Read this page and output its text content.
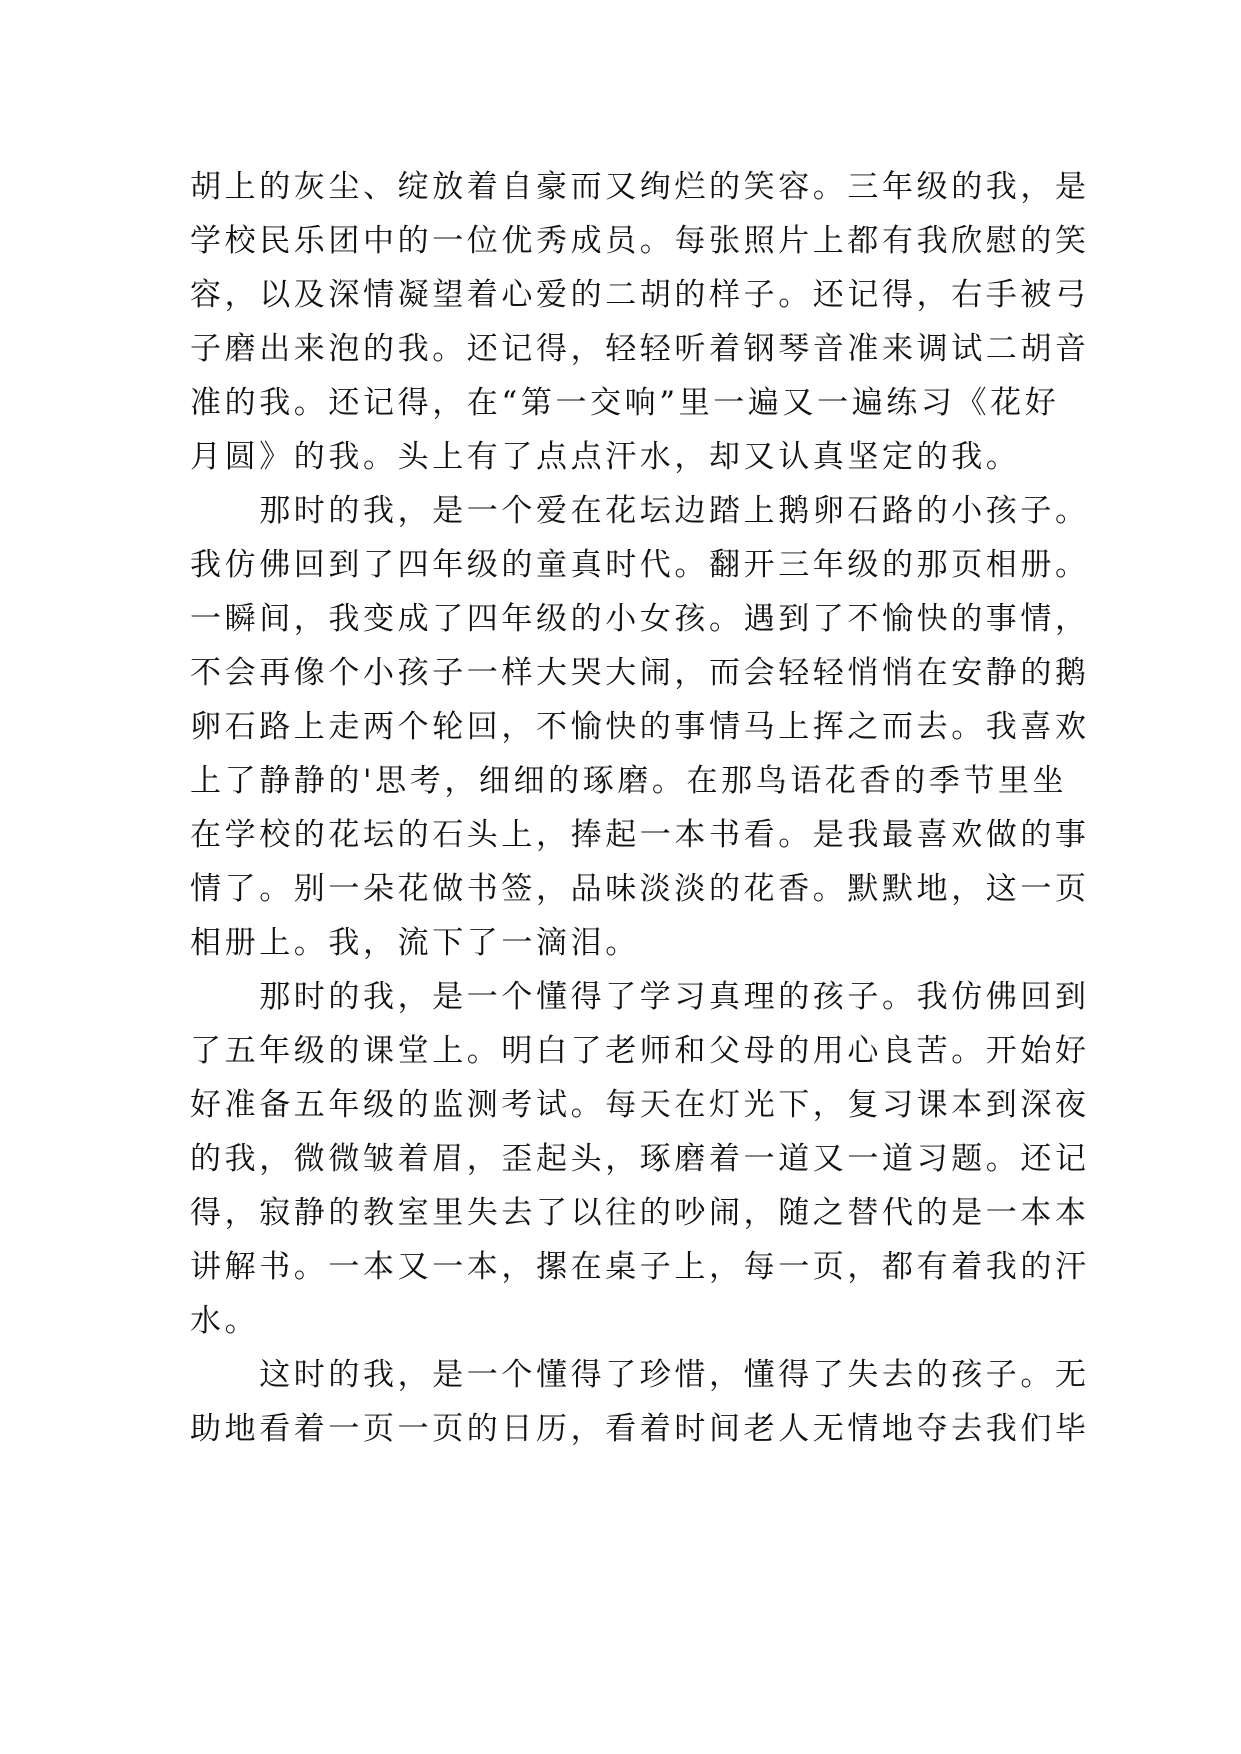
胡上的灰尘、绽放着自豪而又绚烂的笑容。三年级的我，是
学校民乐团中的一位优秀成员。每张照片上都有我欣慰的笑
容，以及深情凝望着心爱的二胡的样子。还记得，右手被弓
子磨出来泡的我。还记得，轻轻听着钢琴音准来调试二胡音
准的我。还记得，在“第一交响”里一遍又一遍练习《花好
月圆》的我。头上有了点点汗水，却又认真坚定的我。
　　那时的我，是一个爱在花坛边踏上鹅卵石路的小孩子。
我仿佛回到了四年级的童真时代。翻开三年级的那页相册。
一瞬间，我变成了四年级的小女孩。遇到了不愉快的事情，
不会再像个小孩子一样大哭大闹，而会轻轻悄悄在安静的鹅
卵石路上走两个轮回，不愉快的事情马上挥之而去。我喜欢
上了静静的'思考，细细的琢磨。在那鸟语花香的季节里坐
在学校的花坛的石头上，捧起一本书看。是我最喜欢做的事
情了。别一朵花做书签，品味淡淡的花香。默默地，这一页
相册上。我，流下了一滴泪。
　　那时的我，是一个懂得了学习真理的孩子。我仿佛回到
了五年级的课堂上。明白了老师和父母的用心良苦。开始好
好准备五年级的监测考试。每天在灯光下，复习课本到深夜
的我，微微皱着眉，歪起头，琢磨着一道又一道习题。还记
得，寂静的教室里失去了以往的吵闹，随之替代的是一本本
讲解书。一本又一本，摞在桌子上，每一页，都有着我的汗
水。
　　这时的我，是一个懂得了珍惜，懂得了失去的孩子。无
助地看着一页一页的日历，看着时间老人无情地夺去我们毕
